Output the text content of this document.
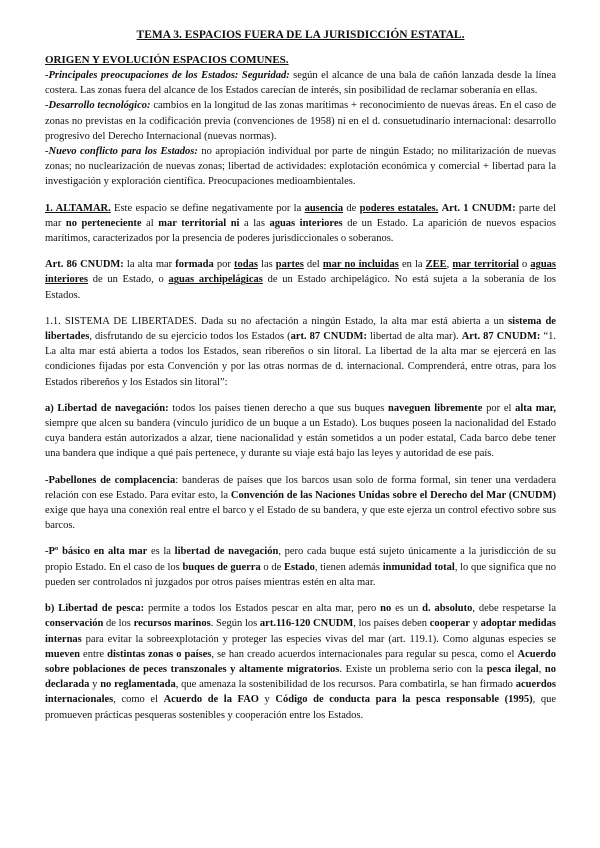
TEMA 3. ESPACIOS FUERA DE LA JURISDICCIÓN ESTATAL.
ORIGEN Y EVOLUCIÓN ESPACIOS COMUNES.

-Principales preocupaciones de los Estados: Seguridad: según el alcance de una bala de cañón lanzada desde la línea costera. Las zonas fuera del alcance de los Estados carecían de interés, sin posibilidad de reclamar soberanía en ellas.

-Desarrollo tecnológico: cambios en la longitud de las zonas marítimas + reconocimiento de nuevas áreas. En el caso de zonas no previstas en la codificación previa (convenciones de 1958) ni en el d. consuetudinario internacional: desarrollo progresivo del Derecho Internacional (nuevas normas).

-Nuevo conflicto para los Estados: no apropiación individual por parte de ningún Estado; no militarización de nuevas zonas; no nuclearización de nuevas zonas; libertad de actividades: explotación económica y comercial + libertad para la investigación y exploración científica. Preocupaciones medioambientales.

1. ALTAMAR. Este espacio se define negativamente por la ausencia de poderes estatales. Art. 1 CNUDM: parte del mar no perteneciente al mar territorial ni a las aguas interiores de un Estado. La aparición de nuevos espacios marítimos, caracterizados por la presencia de poderes jurisdiccionales o soberanos.

Art. 86 CNUDM: la alta mar formada por todas las partes del mar no incluidas en la ZEE, mar territorial o aguas interiores de un Estado, o aguas archipelágicas de un Estado archipelágico. No está sujeta a la soberanía de los Estados.

1.1. SISTEMA DE LIBERTADES. Dada su no afectación a ningún Estado, la alta mar está abierta a un sistema de libertades, disfrutando de su ejercicio todos los Estados (art. 87 CNUDM: libertad de alta mar). Art. 87 CNUDM: “1. La alta mar está abierta a todos los Estados, sean ribereños o sin litoral. La libertad de la alta mar se ejercerá en las condiciones fijadas por esta Convención y por las otras normas de d. internacional. Comprenderá, entre otras, para los Estados ribereños y los Estados sin litoral”:

a) Libertad de navegación: todos los países tienen derecho a que sus buques naveguen libremente por el alta mar, siempre que alcen su bandera (vínculo jurídico de un buque a un Estado). Los buques poseen la nacionalidad del Estado cuya bandera están autorizados a alzar, tiene nacionalidad y están sometidos a un poder estatal, Cada barco debe tener una bandera que indique a qué país pertenece, y durante su viaje está bajo las leyes y autoridad de ese país.

-Pabellones de complacencia: banderas de países que los barcos usan solo de forma formal, sin tener una verdadera relación con ese Estado. Para evitar esto, la Convención de las Naciones Unidas sobre el Derecho del Mar (CNUDM) exige que haya una conexión real entre el barco y el Estado de su bandera, y que este ejerza un control efectivo sobre sus barcos.

-Pº básico en alta mar es la libertad de navegación, pero cada buque está sujeto únicamente a la jurisdicción de su propio Estado. En el caso de los buques de guerra o de Estado, tienen además inmunidad total, lo que significa que no pueden ser controlados ni juzgados por otros países mientras estén en alta mar.

b) Libertad de pesca: permite a todos los Estados pescar en alta mar, pero no es un d. absoluto, debe respetarse la conservación de los recursos marinos. Según los art.116-120 CNUDM, los países deben cooperar y adoptar medidas internas para evitar la sobreexplotación y proteger las especies vivas del mar (art. 119.1). Como algunas especies se mueven entre distintas zonas o países, se han creado acuerdos internacionales para regular su pesca, como el Acuerdo sobre poblaciones de peces transzonales y altamente migratorios. Existe un problema serio con la pesca ilegal, no declarada y no reglamentada, que amenaza la sostenibilidad de los recursos. Para combatirla, se han firmado acuerdos internacionales, como el Acuerdo de la FAO y Código de conducta para la pesca responsable (1995), que promueven prácticas pesqueras sostenibles y cooperación entre los Estados.
